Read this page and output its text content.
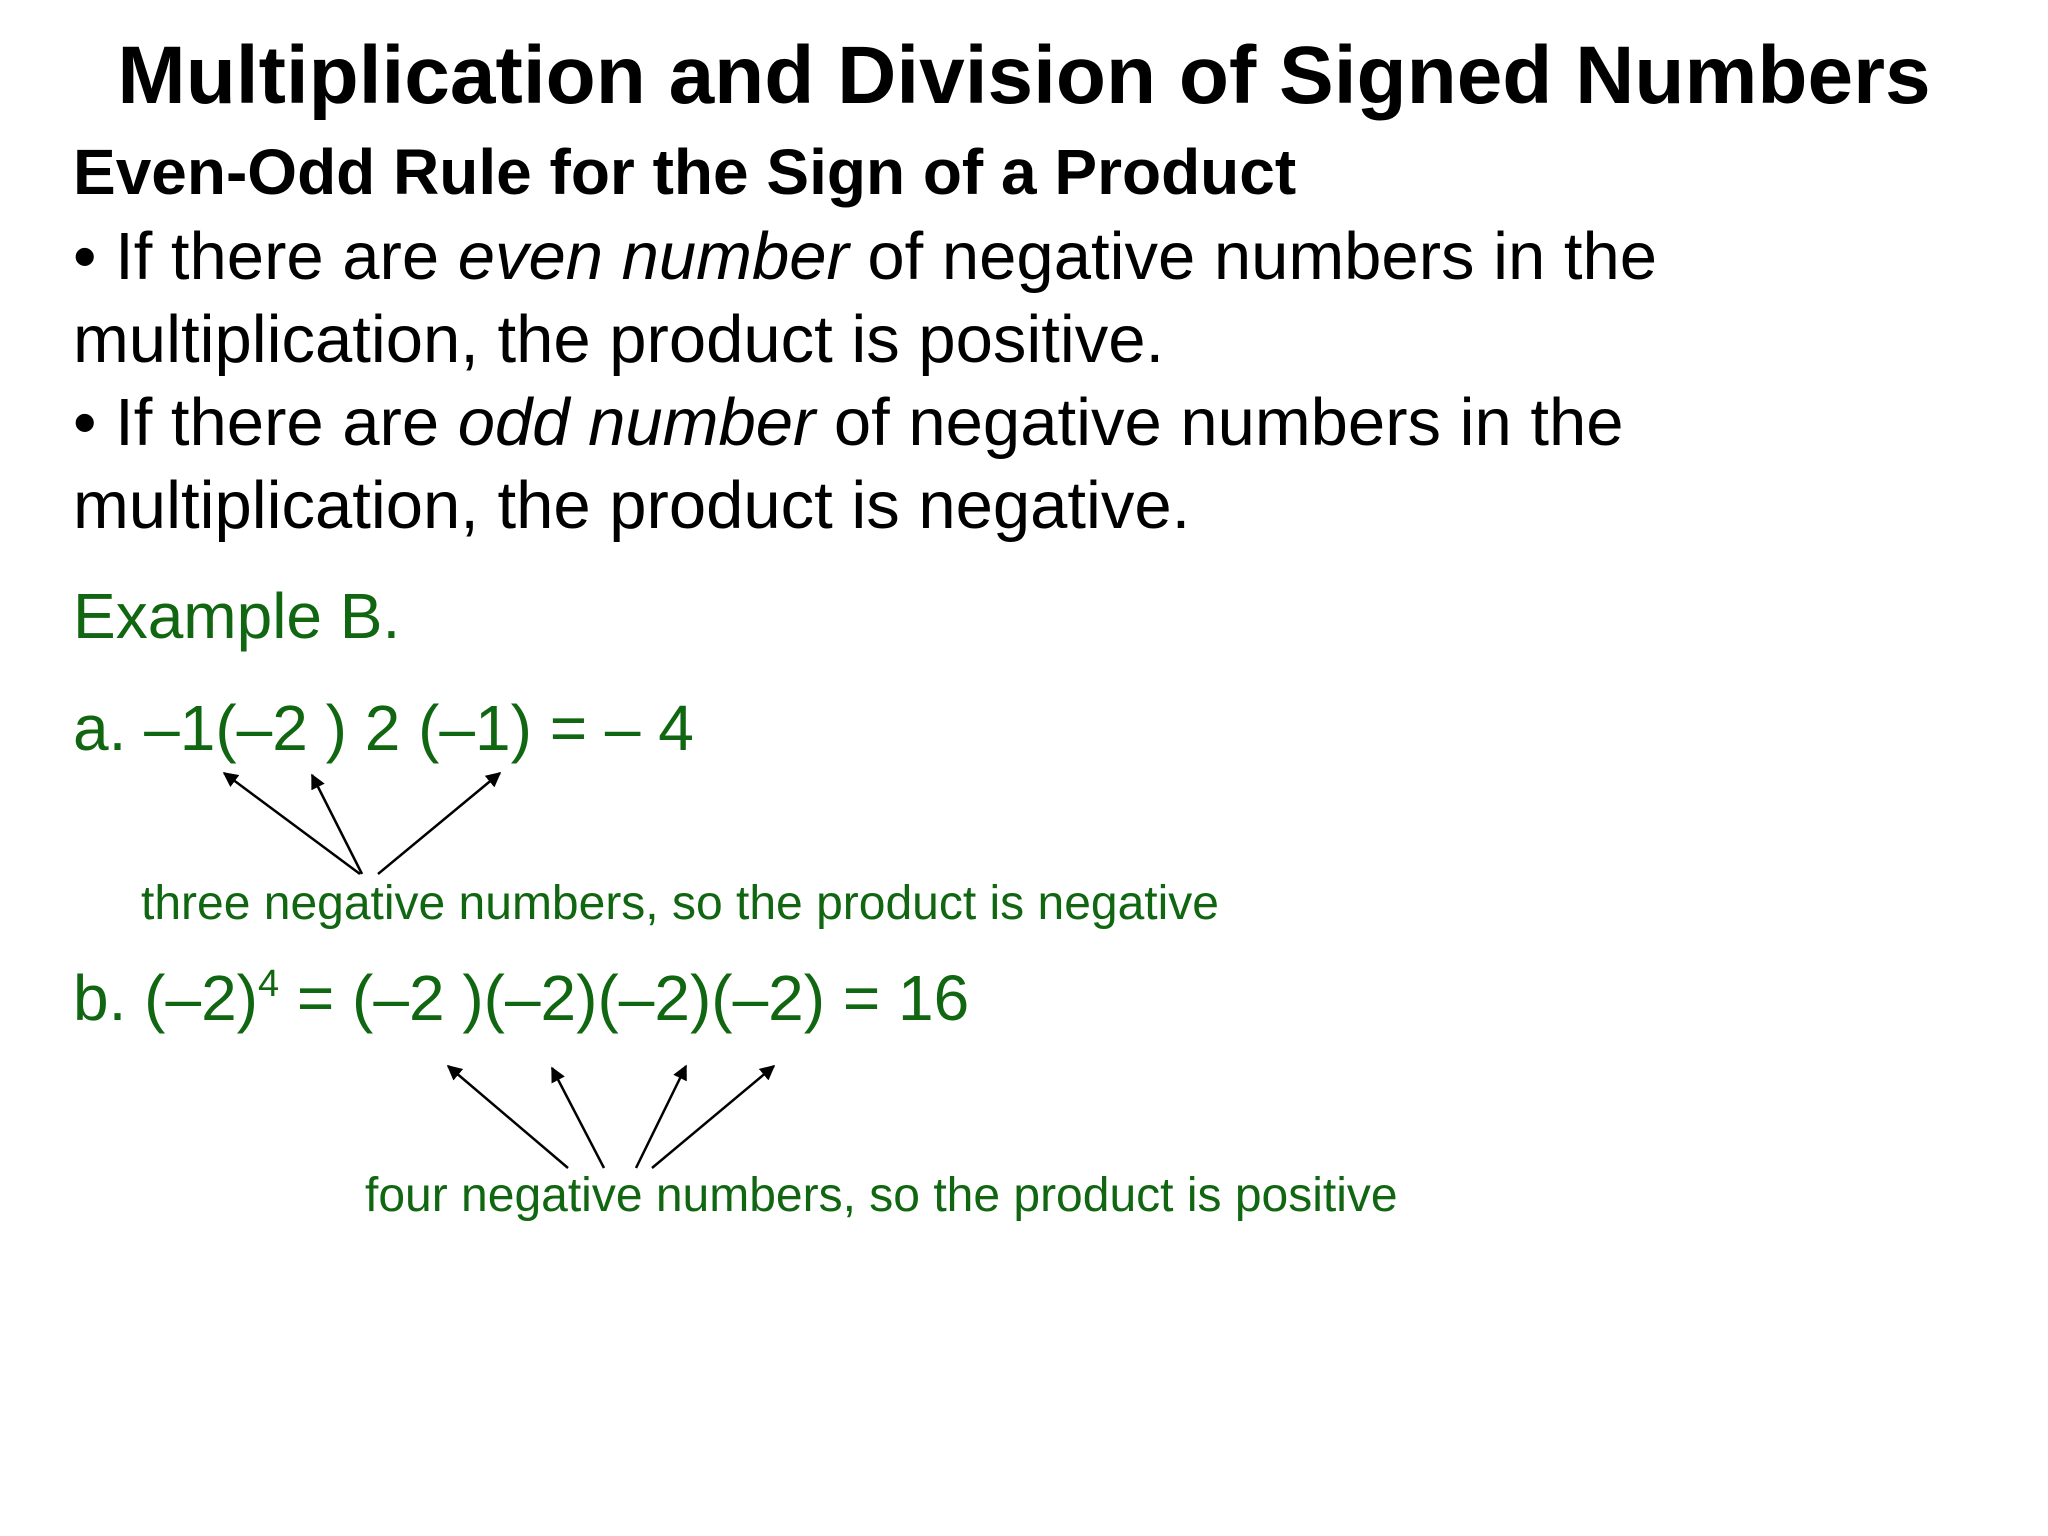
Multiplication and Division of Signed Numbers
Even-Odd Rule for the Sign of a Product
• If there are even number of negative numbers in the multiplication, the product is positive.
• If there are odd number of negative numbers in the multiplication, the product is negative.
Example B.
a. –1(–2 ) 2 (–1) = – 4
three negative numbers, so the product is negative
b. $(-2)^4 = (-2$ )(–2)(–2)(–2) = 16
four negative numbers, so the product is positive
